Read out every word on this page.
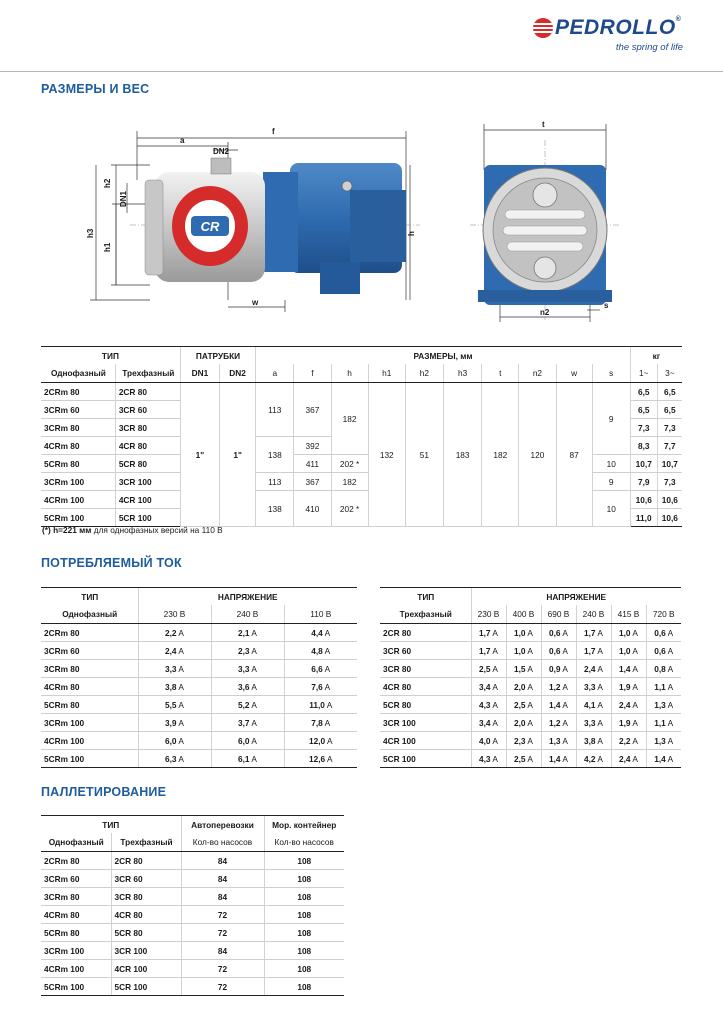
PEDROLLO®
the spring of life
РАЗМЕРЫ И ВЕС
f
a
DN2
h2
DN1
h3
h1
h
w
t
n2
s
CR
ТИП		ПАТРУБКИ		РАЗМЕРЫ, мм										кг	
Однофазный	Трехфазный	DN1	DN2	a	f	h	h1	h2	h3	t	n2	w	s	1~	3~
2CRm 80	2CR 80	1"	1"	113	367	182	132	51	183	182	120	87	9	6,5	6,5
3CRm 60	3CR 60													6,5	6,5
3CRm 80	3CR 80													7,3	7,3
4CRm 80	4CR 80			138	392									8,3	7,7
5CRm 80	5CR 80				411	202 *							10	10,7	10,7
3CRm 100	3CR 100			113	367	182							9	7,9	7,3
4CRm 100	4CR 100			138	410	202 *							10	10,6	10,6
5CRm 100	5CR 100													11,0	10,6
(*) h=221 мм для однофазных версий на 110 В
ПОТРЕБЛЯЕМЫЙ ТОК
ТИП	НАПРЯЖЕНИЕ		
Однофазный	230 В	240 В	110 В
2CRm 80	2,2 A	2,1 A	4,4 A
3CRm 60	2,4 A	2,3 A	4,8 A
3CRm 80	3,3 A	3,3 A	6,6 A
4CRm 80	3,8 A	3,6 A	7,6 A
5CRm 80	5,5 A	5,2 A	11,0 A
3CRm 100	3,9 A	3,7 A	7,8 A
4CRm 100	6,0 A	6,0 A	12,0 A
5CRm 100	6,3 A	6,1 A	12,6 A
ТИП	НАПРЯЖЕНИЕ					
Трехфазный	230 В	400 В	690 В	240 В	415 В	720 В
2CR 80	1,7 A	1,0 A	0,6 A	1,7 A	1,0 A	0,6 A
3CR 60	1,7 A	1,0 A	0,6 A	1,7 A	1,0 A	0,6 A
3CR 80	2,5 A	1,5 A	0,9 A	2,4 A	1,4 A	0,8 A
4CR 80	3,4 A	2,0 A	1,2 A	3,3 A	1,9 A	1,1 A
5CR 80	4,3 A	2,5 A	1,4 A	4,1 A	2,4 A	1,3 A
3CR 100	3,4 A	2,0 A	1,2 A	3,3 A	1,9 A	1,1 A
4CR 100	4,0 A	2,3 A	1,3 A	3,8 A	2,2 A	1,3 A
5CR 100	4,3 A	2,5 A	1,4 A	4,2 A	2,4 A	1,4 A
ПАЛЛЕТИРОВАНИЕ
ТИП		Автоперевозки	Мор. контейнер
Однофазный	Трехфазный	Кол-во насосов	Кол-во насосов
2CRm 80	2CR 80	84	108
3CRm 60	3CR 60	84	108
3CRm 80	3CR 80	84	108
4CRm 80	4CR 80	72	108
5CRm 80	5CR 80	72	108
3CRm 100	3CR 100	84	108
4CRm 100	4CR 100	72	108
5CRm 100	5CR 100	72	108
